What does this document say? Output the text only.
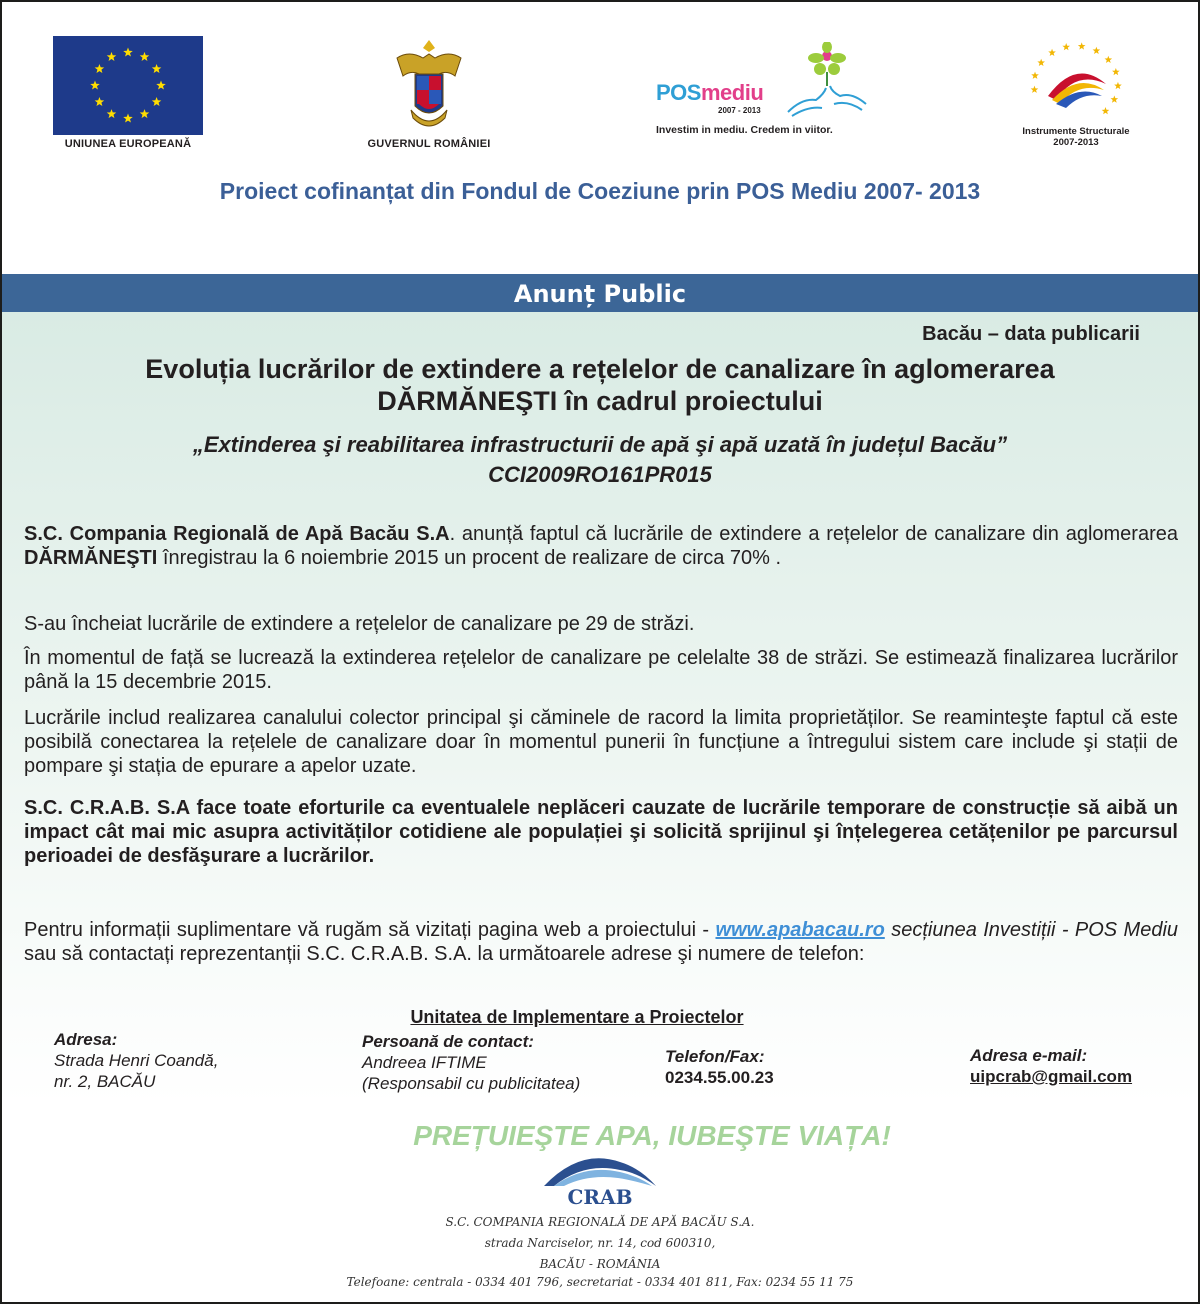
UNIUNEA EUROPEANĂ	GUVERNUL ROMÂNIEI
POSmediu
2007 - 2013
Investim in mediu. Credem in viitor.	Instrumente Structurale
2007-2013
Proiect cofinanțat din Fondul de Coeziune prin POS Mediu 2007- 2013
Anunț Public
Bacău – data publicarii
Evoluția lucrărilor de extindere a rețelelor de canalizare în aglomerarea
DĂRMĂNEŞTI în cadrul proiectului
„Extinderea şi reabilitarea infrastructurii de apă şi apă uzată în județul Bacău”
CCI2009RO161PR015
S.C. Compania Regională de Apă Bacău S.A. anunță faptul că lucrările de extindere a rețelelor de canalizare din aglomerarea DĂRMĂNEŞTI înregistrau la 6 noiembrie 2015 un procent de realizare de circa 70% .
S-au încheiat lucrările de extindere a rețelelor de canalizare pe 29 de străzi.
În momentul de față se lucrează la extinderea rețelelor de canalizare pe celelalte 38 de străzi. Se estimează finalizarea lucrărilor până la 15 decembrie 2015.
Lucrările includ realizarea canalului colector principal şi căminele de racord la limita proprietăților. Se reaminteşte faptul că este posibilă conectarea la rețelele de canalizare doar în momentul punerii în funcțiune a întregului sistem care include şi stații de pompare şi stația de epurare a apelor uzate.
S.C. C.R.A.B. S.A face toate eforturile ca eventualele neplăceri cauzate de lucrările temporare de construcție să aibă un impact cât mai mic asupra activităților cotidiene ale populației şi solicită sprijinul şi înțelegerea cetățenilor pe parcursul perioadei de desfăşurare a lucrărilor.
Pentru informații suplimentare vă rugăm să vizitați pagina web a proiectului - www.apabacau.ro secțiunea Investiții - POS Mediu sau să contactați reprezentanții S.C. C.R.A.B. S.A. la următoarele adrese şi numere de telefon:
Unitatea de Implementare a Proiectelor
Adresa:
Strada Henri Coandă,
nr. 2, BACĂU
Persoană de contact:
Andreea IFTIME
(Responsabil cu publicitatea)
Telefon/Fax:
0234.55.00.23
Adresa e-mail:
uipcrab@gmail.com
PREȚUIEŞTE APA, IUBEŞTE VIAȚA!
CRAB
S.C. COMPANIA REGIONALĂ DE APĂ BACĂU S.A.
strada Narciselor, nr. 14, cod 600310,
BACĂU - ROMÂNIA
Telefoane: centrala - 0334 401 796, secretariat - 0334 401 811, Fax: 0234 55 11 75
